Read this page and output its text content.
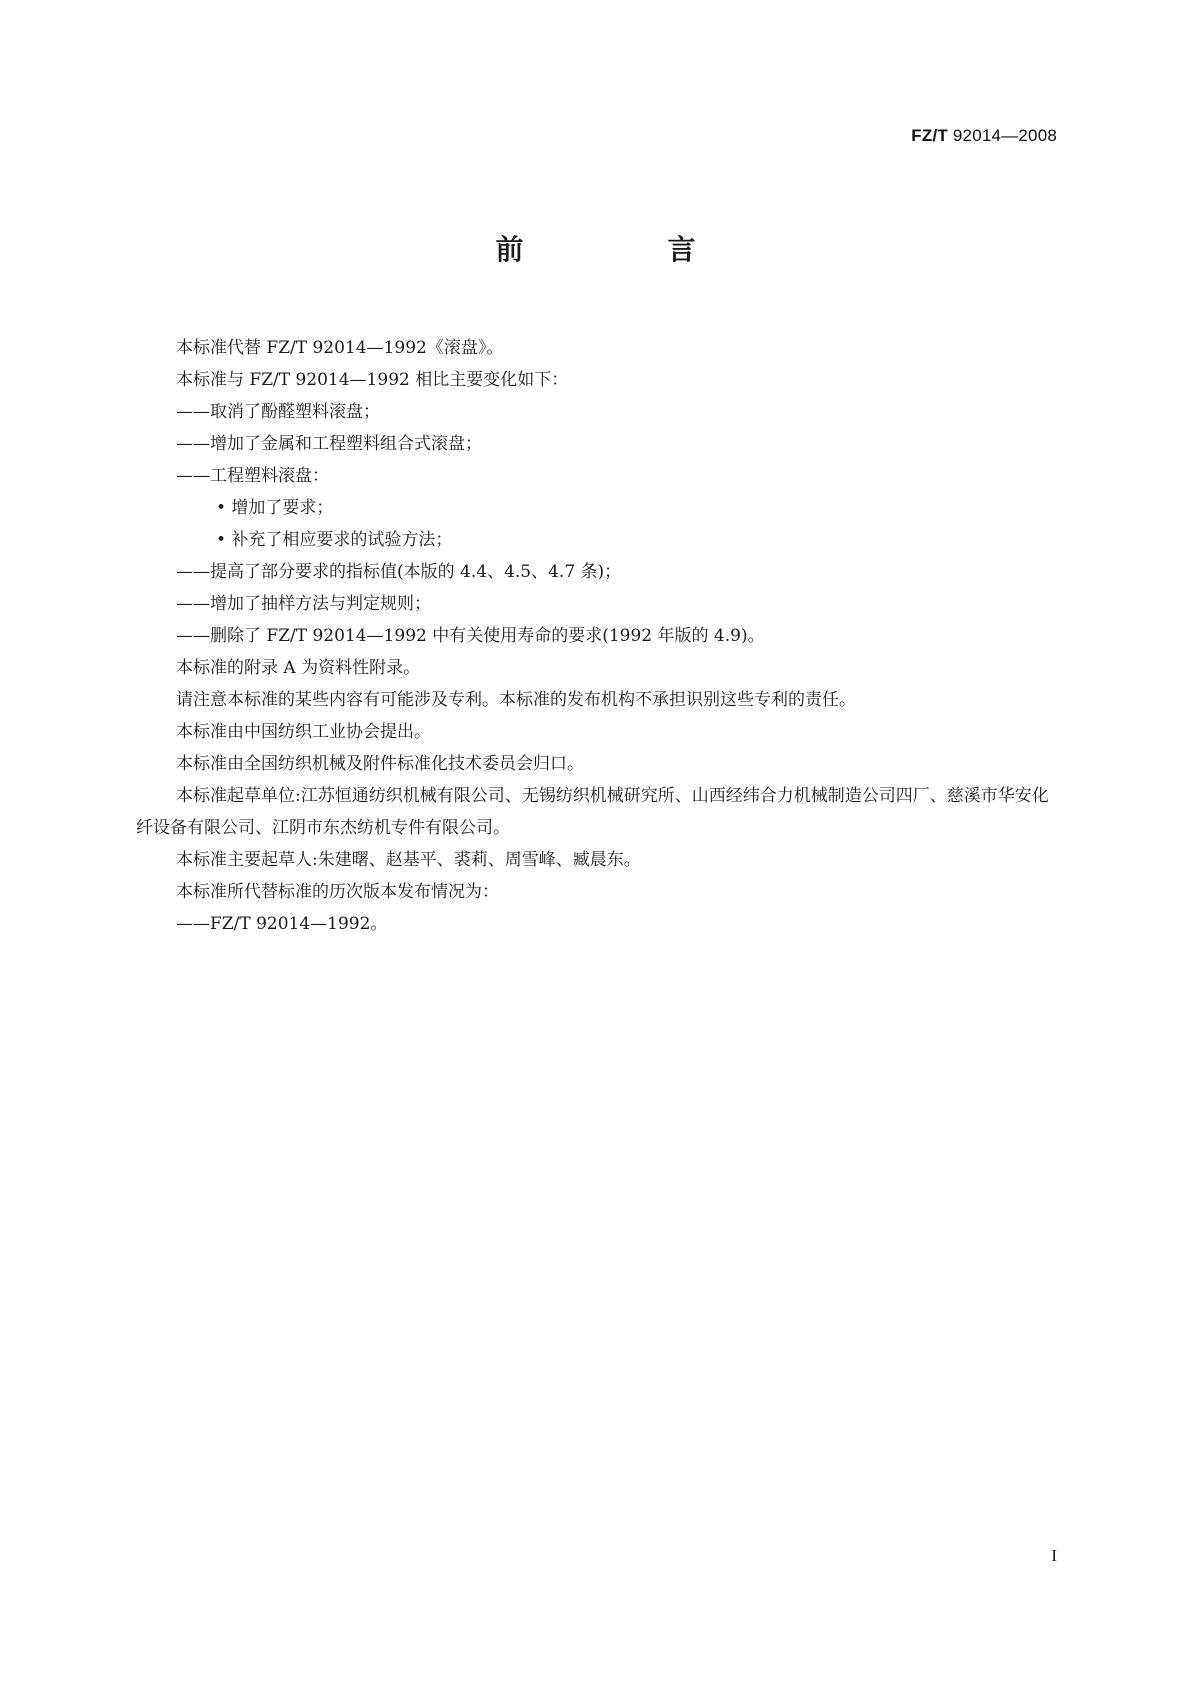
FZ/T 92014—2008
前　言

本标准代替 FZ/T 92014—1992《滚盘》。

本标准与 FZ/T 92014—1992 相比主要变化如下：

——取消了酚醛塑料滚盘；

——增加了金属和工程塑料组合式滚盘；

——工程塑料滚盘：

• 增加了要求；

• 补充了相应要求的试验方法；

——提高了部分要求的指标值(本版的 4.4、4.5、4.7 条)；

——增加了抽样方法与判定规则；

——删除了 FZ/T 92014—1992 中有关使用寿命的要求(1992 年版的 4.9)。

本标准的附录 A 为资料性附录。

请注意本标准的某些内容有可能涉及专利。本标准的发布机构不承担识别这些专利的责任。

本标准由中国纺织工业协会提出。

本标准由全国纺织机械及附件标准化技术委员会归口。

本标准起草单位:江苏恒通纺织机械有限公司、无锡纺织机械研究所、山西经纬合力机械制造公司四厂、慈溪市华安化纤设备有限公司、江阴市东杰纺机专件有限公司。

本标准主要起草人:朱建曙、赵基平、裘莉、周雪峰、臧晨东。

本标准所代替标准的历次版本发布情况为：

——FZ/T 92014—1992。

I
